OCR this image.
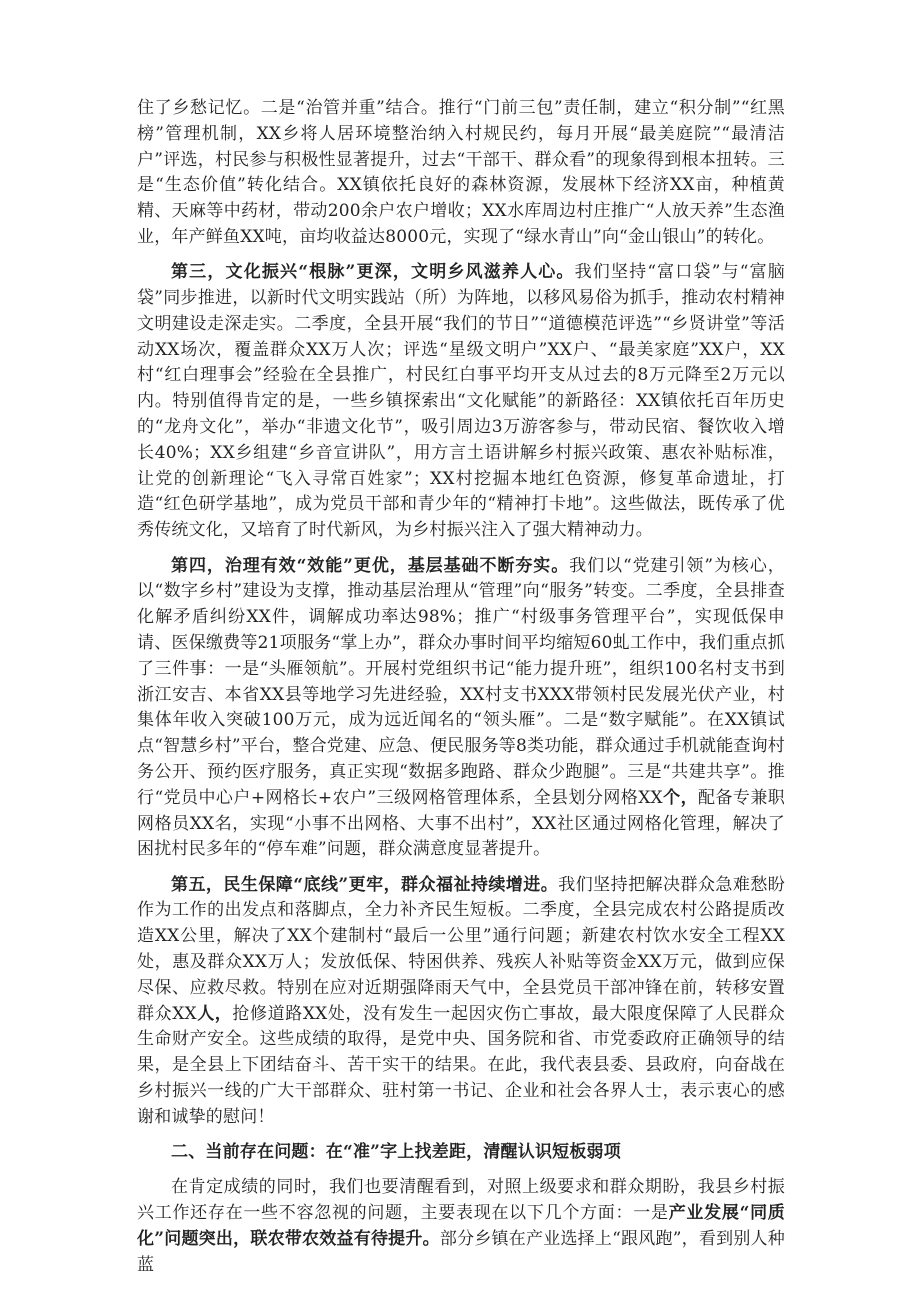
住了乡愁记忆。二是“治管并重”结合。推行“门前三包”责任制，建立“积分制”“红黑榜”管理机制，XX乡将人居环境整治纳入村规民约，每月开展“最美庭院”“最清洁户”评选，村民参与积极性显著提升，过去“干部干、群众看”的现象得到根本扭转。三是“生态价值”转化结合。XX镇依托良好的森林资源，发展林下经济XX亩，种植黄精、天麻等中药材，带动200余户农户增收；XX水库周边村庄推广“人放天养”生态渔业，年产鲜鱼XX吨，亩均收益达8000元，实现了“绿水青山”向“金山银山”的转化。

第三，文化振兴“根脉”更深，文明乡风滋养人心。我们坚持“富口袋”与“富脑袋”同步推进，以新时代文明实践站（所）为阵地，以移风易俗为抓手，推动农村精神文明建设走深走实。二季度，全县开展“我们的节日”“道德模范评选”“乡贤讲堂”等活动XX场次，覆盖群众XX万人次；评选“星级文明户”XX户、“最美家庭”XX户，XX村“红白理事会”经验在全县推广，村民红白事平均开支从过去的8万元降至2万元以内。特别值得肯定的是，一些乡镇探索出“文化赋能”的新路径：XX镇依托百年历史的“龙舟文化”，举办“非遗文化节”，吸引周边3万游客参与，带动民宿、餐饮收入增长40%；XX乡组建“乡音宣讲队”，用方言土语讲解乡村振兴政策、惠农补贴标准，让党的创新理论“飞入寻常百姓家”；XX村挖掘本地红色资源，修复革命遗址，打造“红色研学基地”，成为党员干部和青少年的“精神打卡地”。这些做法，既传承了优秀传统文化，又培育了时代新风，为乡村振兴注入了强大精神动力。

第四，治理有效“效能”更优，基层基础不断夯实。我们以“党建引领”为核心，以“数字乡村”建设为支撑，推动基层治理从“管理”向“服务”转变。二季度，全县排查化解矛盾纠纷XX件，调解成功率达98%；推广“村级事务管理平台”，实现低保申请、医保缴费等21项服务“掌上办”，群众办事时间平均缩短60虬工作中，我们重点抓了三件事：一是“头雁领航”。开展村党组织书记“能力提升班”，组织100名村支书到浙江安吉、本省XX县等地学习先进经验，XX村支书XXX带领村民发展光伏产业，村集体年收入突破100万元，成为远近闻名的“领头雁”。二是“数字赋能”。在XX镇试点“智慧乡村”平台，整合党建、应急、便民服务等8类功能，群众通过手机就能查询村务公开、预约医疗服务，真正实现“数据多跑路、群众少跑腿”。三是“共建共享”。推行“党员中心户+网格长+农户”三级网格管理体系，全县划分网格XX个，配备专兼职网格员XX名，实现“小事不出网格、大事不出村”，XX社区通过网格化管理，解决了困扰村民多年的“停车难”问题，群众满意度显著提升。

第五，民生保障“底线”更牢，群众福祉持续增进。我们坚持把解决群众急难愁盼作为工作的出发点和落脚点，全力补齐民生短板。二季度，全县完成农村公路提质改造XX公里，解决了XX个建制村“最后一公里”通行问题；新建农村饮水安全工程XX处，惠及群众XX万人；发放低保、特困供养、残疾人补贴等资金XX万元，做到应保尽保、应救尽救。特别在应对近期强降雨天气中，全县党员干部冲锋在前，转移安置群众XX人，抢修道路XX处，没有发生一起因灾伤亡事故，最大限度保障了人民群众生命财产安全。这些成绩的取得，是党中央、国务院和省、市党委政府正确领导的结果，是全县上下团结奋斗、苦干实干的结果。在此，我代表县委、县政府，向奋战在乡村振兴一线的广大干部群众、驻村第一书记、企业和社会各界人士，表示衷心的感谢和诚挚的慰问！

二、当前存在问题：在“准”字上找差距，清醒认识短板弱项

在肯定成绩的同时，我们也要清醒看到，对照上级要求和群众期盼，我县乡村振兴工作还存在一些不容忽视的问题，主要表现在以下几个方面：一是产业发展“同质化”问题突出，联农带农效益有待提升。部分乡镇在产业选择上“跟风跑”，看到别人种蓝
